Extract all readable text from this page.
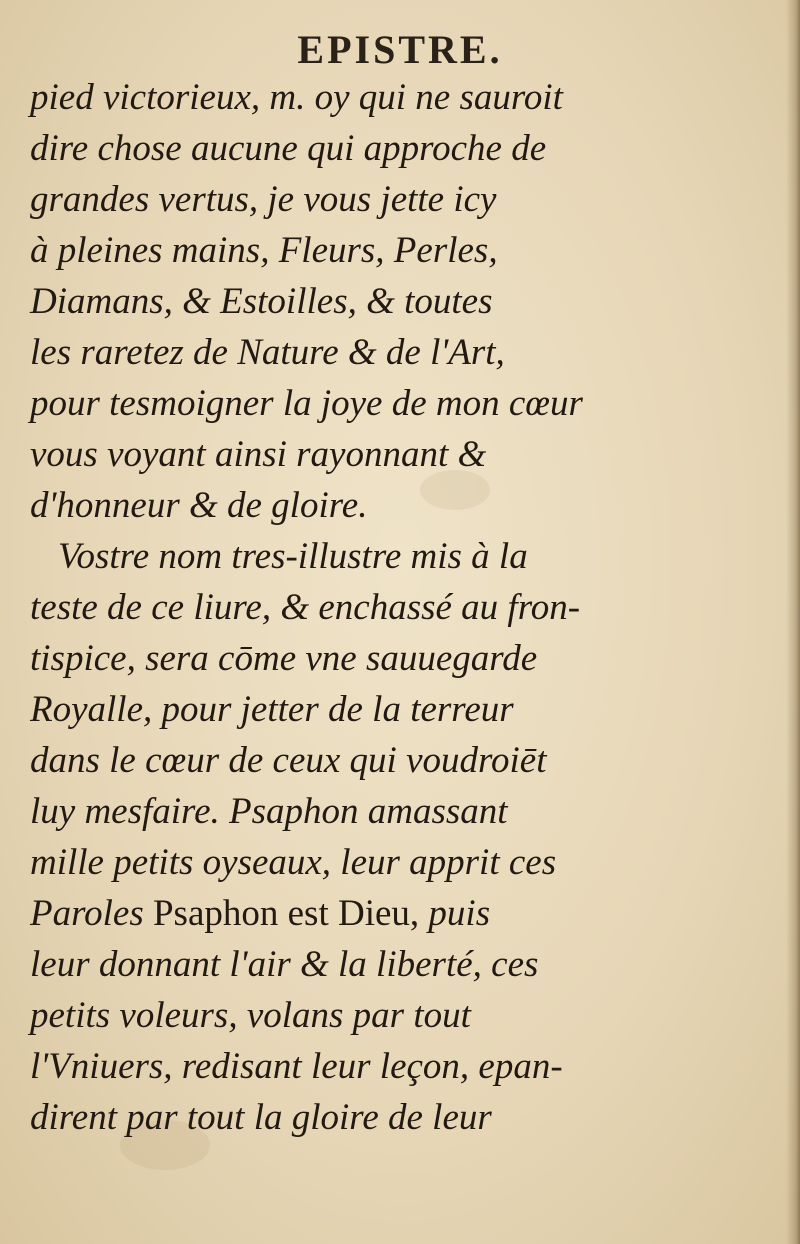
EPISTRE.
pied victorieux, m. oy qui ne sauroit
dire chose aucune qui approche de
grandes vertus, je vous jette icy
à pleines mains, Fleurs, Perles,
Diamans, & Estoilles, & toutes
les raretez de Nature & de l'Art,
pour tesmoigner la joye de mon cœur
vous voyant ainsi rayonnant &
d'honneur & de gloire.
Vostre nom tres-illustre mis à la
teste de ce liure, & enchassé au fron-
tispice, sera cōme vne sauuegarde
Royalle, pour jetter de la terreur
dans le cœur de ceux qui voudroiēt
luy mesfaire. Psaphon amassant
mille petits oyseaux, leur apprit ces
Paroles Psaphon est Dieu, puis
leur donnant l'air & la liberté, ces
petits voleurs, volans par tout
l'Vniuers, redisant leur leçon, epan-
dirent par tout la gloire de leur
